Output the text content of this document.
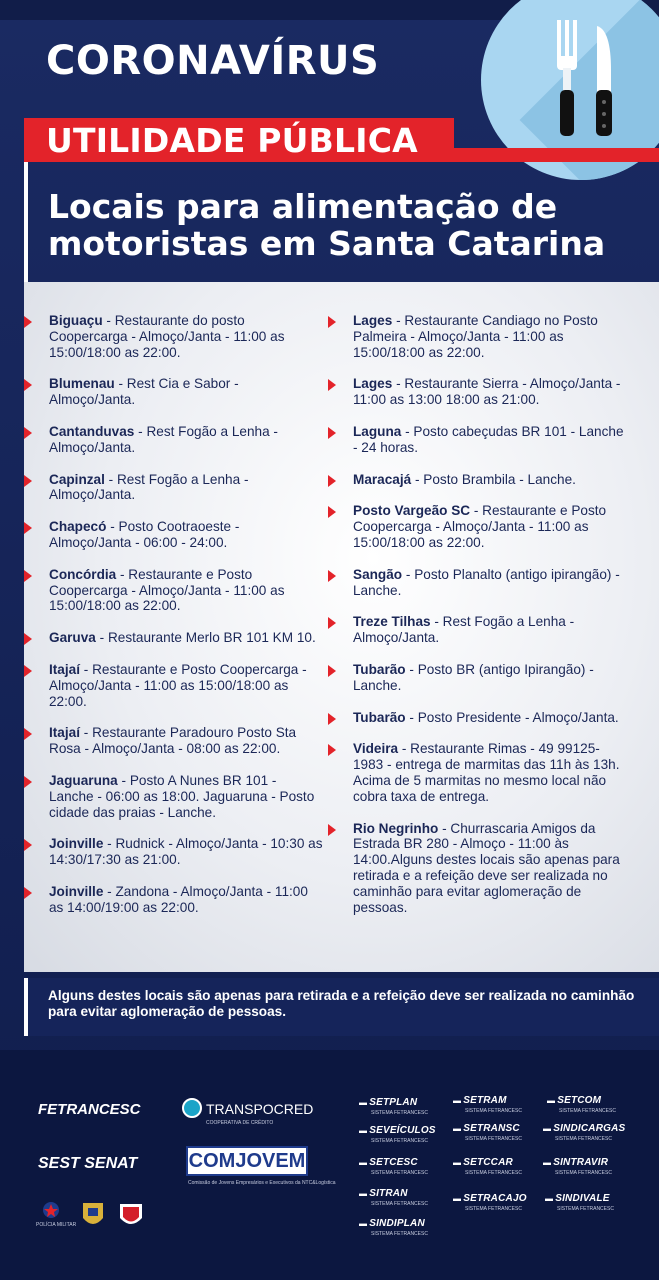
CORONAVÍRUS
UTILIDADE PÚBLICA
Locais para alimentação de motoristas em Santa Catarina
Biguaçu - Restaurante do posto Coopercarga - Almoço/Janta - 11:00 as 15:00/18:00 as 22:00.
Blumenau - Rest Cia e Sabor - Almoço/Janta.
Cantanduvas - Rest Fogão a Lenha - Almoço/Janta.
Capinzal - Rest Fogão a Lenha - Almoço/Janta.
Chapecó - Posto Cootraoeste - Almoço/Janta - 06:00 - 24:00.
Concórdia - Restaurante e Posto Coopercarga - Almoço/Janta - 11:00 as 15:00/18:00 as 22:00.
Garuva - Restaurante Merlo BR 101 KM 10.
Itajaí - Restaurante e Posto Coopercarga - Almoço/Janta - 11:00 as 15:00/18:00 as 22:00.
Itajaí - Restaurante Paradouro Posto Sta Rosa - Almoço/Janta - 08:00 as 22:00.
Jaguaruna - Posto A Nunes BR 101 - Lanche - 06:00 as 18:00. Jaguaruna - Posto cidade das praias - Lanche.
Joinville - Rudnick - Almoço/Janta - 10:30 as 14:30/17:30 as 21:00.
Joinville - Zandona - Almoço/Janta - 11:00 as 14:00/19:00 as 22:00.
Lages - Restaurante Candiago no Posto Palmeira - Almoço/Janta - 11:00 as 15:00/18:00 as 22:00.
Lages - Restaurante Sierra - Almoço/Janta - 11:00 as 13:00 18:00 as 21:00.
Laguna - Posto cabeçudas BR 101 - Lanche - 24 horas.
Maracajá - Posto Brambila - Lanche.
Posto Vargeão SC - Restaurante e Posto Coopercarga - Almoço/Janta - 11:00 as 15:00/18:00 as 22:00.
Sangão - Posto Planalto (antigo ipirangão) - Lanche.
Treze Tilhas - Rest Fogão a Lenha - Almoço/Janta.
Tubarão - Posto BR (antigo Ipirangão) - Lanche.
Tubarão - Posto Presidente - Almoço/Janta.
Videira - Restaurante Rimas - 49 99125-1983 - entrega de marmitas das 11h às 13h. Acima de 5 marmitas no mesmo local não cobra taxa de entrega.
Rio Negrinho - Churrascaria Amigos da Estrada BR 280 - Almoço - 11:00 às 14:00.Alguns destes locais são apenas para retirada e a refeição deve ser realizada no caminhão para evitar aglomeração de pessoas.
Alguns destes locais são apenas para retirada e a refeição deve ser realizada no caminhão para evitar aglomeração de pessoas.
FETRANCESC	TRANSPOCRED
COOPERATIVA DE CRÉDITO
SEST SENAT	COMJOVEM
Comissão de Jovens Empresários e Executivos da NTC&Logística
POLÍCIA MILITAR
▬ SETPLAN
SISTEMA FETRANCESC
▬ SETRAM
SISTEMA FETRANCESC
▬ SETCOM
SISTEMA FETRANCESC
▬ SEVEÍCULOS
SISTEMA FETRANCESC
▬ SETRANSC
SISTEMA FETRANCESC
▬ SINDICARGAS
SISTEMA FETRANCESC
▬ SETCESC
SISTEMA FETRANCESC
▬ SETCCAR
SISTEMA FETRANCESC
▬ SINTRAVIR
SISTEMA FETRANCESC
▬ SITRAN
SISTEMA FETRANCESC
▬	SETRACAJO
SISTEMA FETRANCESC
▬ SINDIVALE
SISTEMA FETRANCESC
▬ SINDIPLAN
SISTEMA FETRANCESC
